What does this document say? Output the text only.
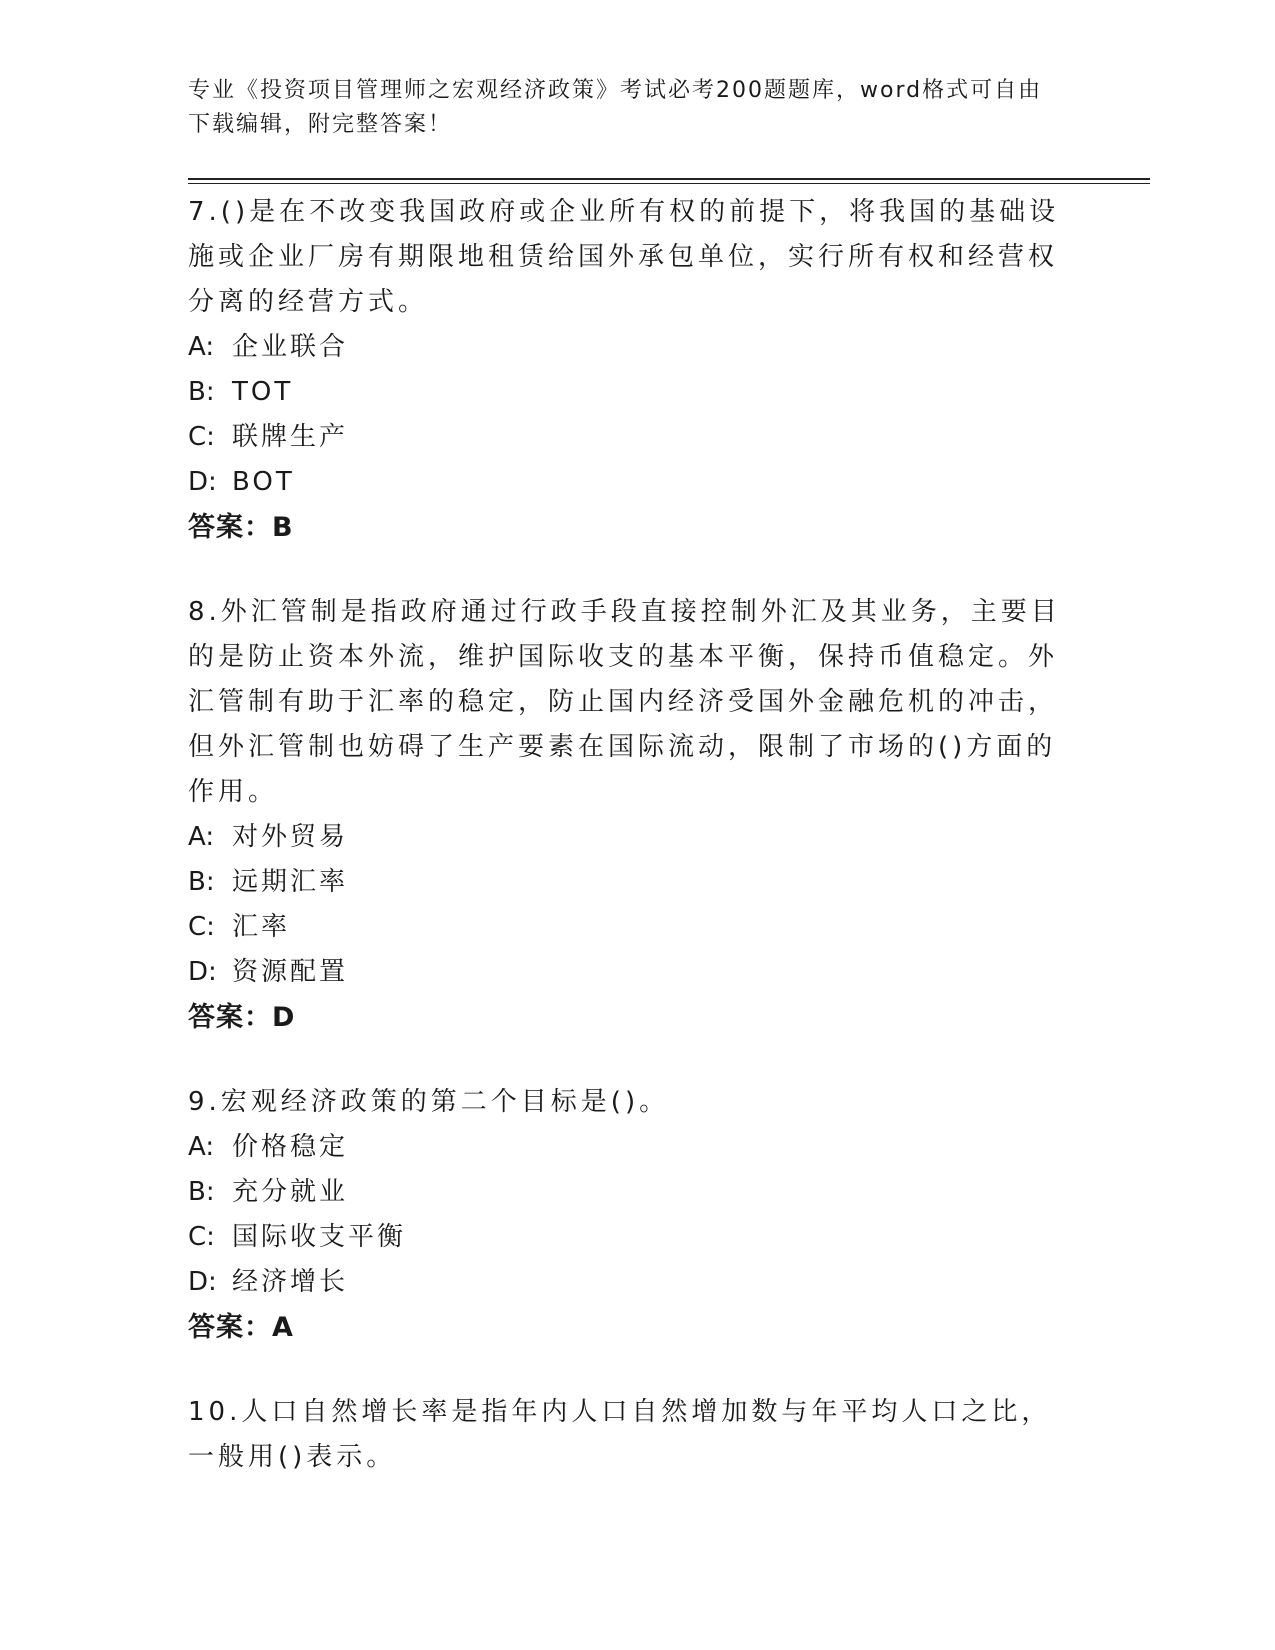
专业《投资项目管理师之宏观经济政策》考试必考200题题库，word格式可自由
下载编辑，附完整答案！

7.()是在不改变我国政府或企业所有权的前提下，将我国的基础设施或企业厂房有期限地租赁给国外承包单位，实行所有权和经营权分离的经营方式。

A: 企业联合

B: TOT

C: 联牌生产

D: BOT

答案：B

8.外汇管制是指政府通过行政手段直接控制外汇及其业务，主要目的是防止资本外流，维护国际收支的基本平衡，保持币值稳定。外汇管制有助于汇率的稳定，防止国内经济受国外金融危机的冲击，但外汇管制也妨碍了生产要素在国际流动，限制了市场的()方面的作用。

A: 对外贸易

B: 远期汇率

C: 汇率

D: 资源配置

答案：D

9.宏观经济政策的第二个目标是()。

A: 价格稳定

B: 充分就业

C: 国际收支平衡

D: 经济增长

答案：A

10.人口自然增长率是指年内人口自然增加数与年平均人口之比，一般用()表示。
